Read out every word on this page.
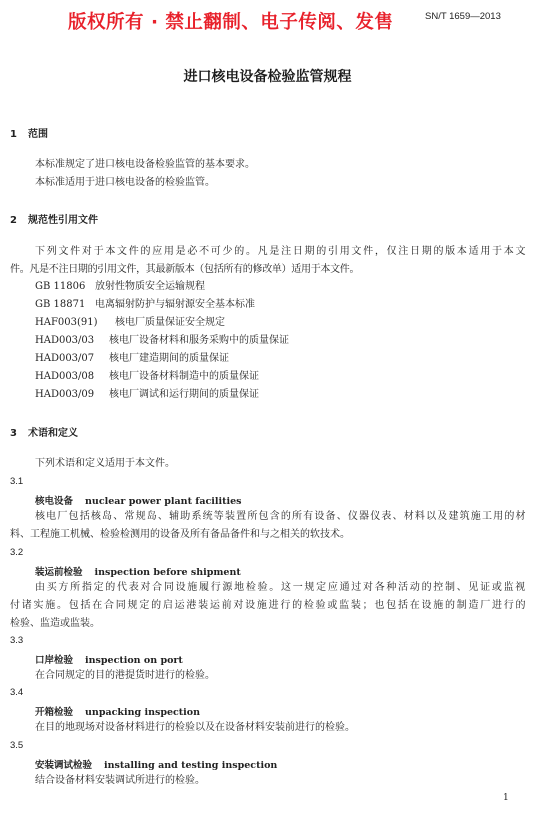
SN/T 1659—2013
版权所有 · 禁止翻制、电子传阅、发售
进口核电设备检验监管规程
1 范围
本标准规定了进口核电设备检验监管的基本要求。
本标准适用于进口核电设备的检验监管。
2 规范性引用文件
下列文件对于本文件的应用是必不可少的。凡是注日期的引用文件，仅注日期的版本适用于本文
件。凡是不注日期的引用文件，其最新版本（包括所有的修改单）适用于本文件。
GB 11806 放射性物质安全运输规程
GB 18871 电离辐射防护与辐射源安全基本标准
HAF003(91) 核电厂质量保证安全规定
HAD003/03 核电厂设备材料和服务采购中的质量保证
HAD003/07 核电厂建造期间的质量保证
HAD003/08 核电厂设备材料制造中的质量保证
HAD003/09 核电厂调试和运行期间的质量保证
3 术语和定义
下列术语和定义适用于本文件。
3.1
核电设备 nuclear power plant facilities
核电厂包括核岛、常规岛、辅助系统等装置所包含的所有设备、仪器仪表、材料以及建筑施工用的材
料、工程施工机械、检验检测用的设备及所有备品备件和与之相关的软技术。
3.2
装运前检验 inspection before shipment
由买方所指定的代表对合同设施履行源地检验。这一规定应通过对各种活动的控制、见证或监视
付诸实施。包括在合同规定的启运港装运前对设施进行的检验或监装；也包括在设施的制造厂进行的
检验、监造或监装。
3.3
口岸检验 inspection on port
在合同规定的目的港提货时进行的检验。
3.4
开箱检验 unpacking inspection
在目的地现场对设备材料进行的检验以及在设备材料安装前进行的检验。
3.5
安装调试检验 installing and testing inspection
结合设备材料安装调试所进行的检验。
1
